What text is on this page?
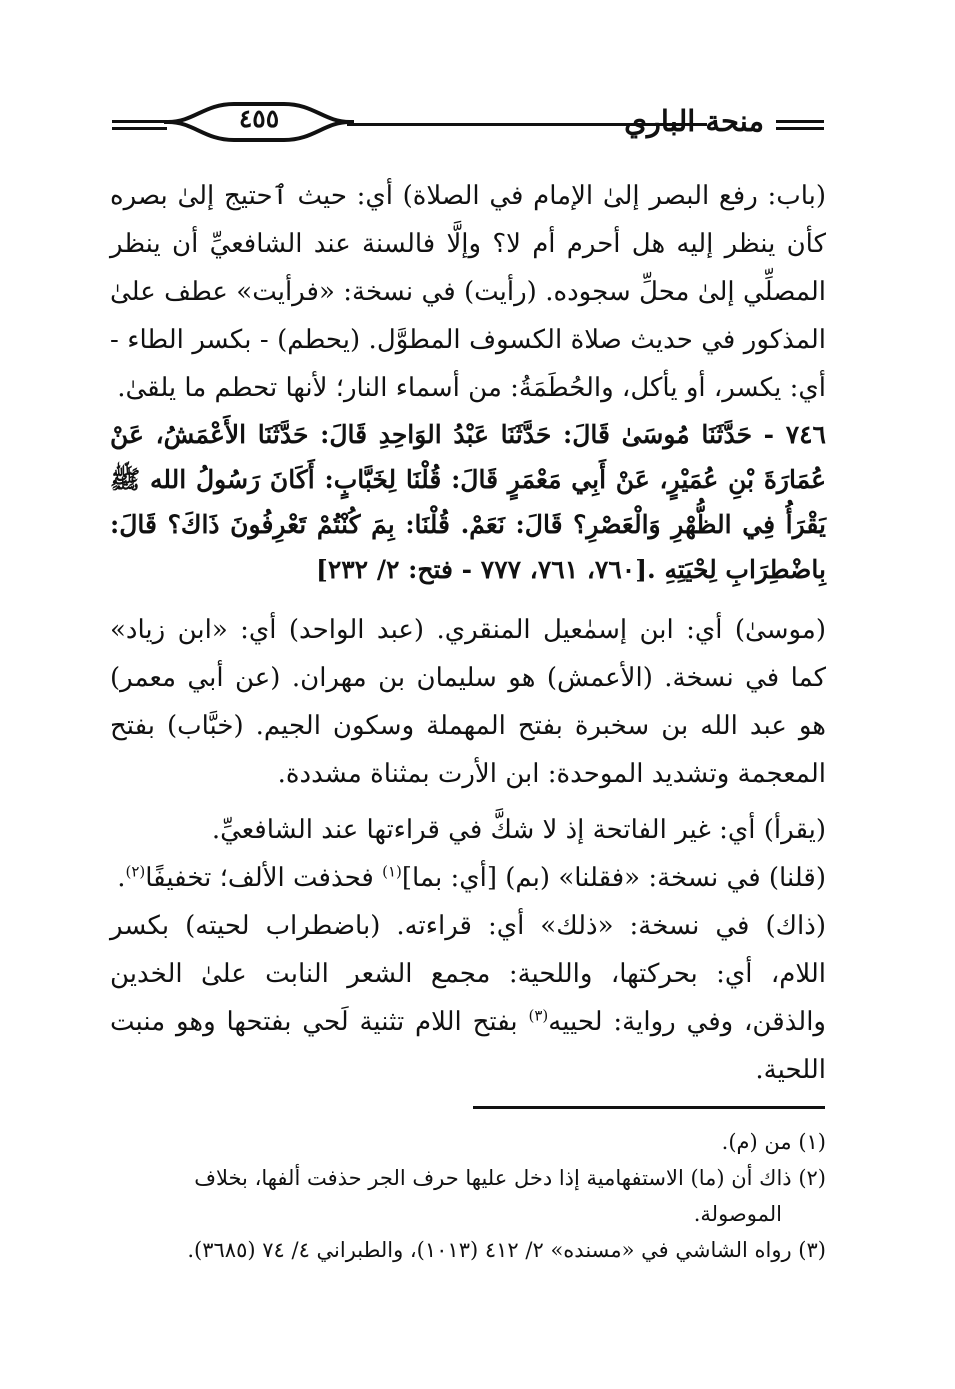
٤٥٥	منحة الباري

(باب: رفع البصر إلىٰ الإمام في الصلاة) أي: حيث ٱحتيج إلىٰ بصره كأن ينظر إليه هل أحرم أم لا؟ وإلَّا فالسنة عند الشافعيِّ أن ينظر المصلِّي إلىٰ محلِّ سجوده. (رأيت) في نسخة: «فرأيت» عطف علىٰ المذكور في حديث صلاة الكسوف المطوَّل. (يحطم) - بكسر الطاء - أي: يكسر، أو يأكل، والحُطَمَةُ: من أسماء النار؛ لأنها تحطم ما يلقىٰ.

٧٤٦ - حَدَّثَنَا مُوسَىٰ قَالَ: حَدَّثَنَا عَبْدُ الوَاحِدِ قَالَ: حَدَّثَنَا الأَعْمَشُ، عَنْ عُمَارَةَ بْنِ عُمَيْرٍ، عَنْ أَبِي مَعْمَرٍ قَالَ: قُلْنَا لِخَبَّابٍ: أَكَانَ رَسُولُ الله ﷺ يَقْرَأُ فِي الظُّهْرِ وَالْعَصْرِ؟ قَالَ: نَعَمْ. قُلْنَا: بِمَ كُنْتُمْ تَعْرِفُونَ ذَاكَ؟ قَالَ: بِاضْطِرَابِ لِحْيَتِهِ .[٧٦٠، ٧٦١، ٧٧٧ - فتح: ٢/ ٢٣٢]

(موسىٰ) أي: ابن إسمٰعيل المنقري. (عبد الواحد) أي: «ابن زياد» كما في نسخة. (الأعمش) هو سليمان بن مهران. (عن أبي معمر) هو عبد الله بن سخبرة بفتح المهملة وسكون الجيم. (خبَّاب) بفتح المعجمة وتشديد الموحدة: ابن الأرت بمثناة مشددة.

(يقرأ) أي: غير الفاتحة إذ لا شكَّ في قراءتها عند الشافعيِّ.

(قلنا) في نسخة: «فقلنا» (بم) [أي: بما]$^{(١)}$ فحذفت الألف؛ تخفيفًا$^{(٢)}$.

(ذاك) في نسخة: «ذلك» أي: قراءته. (باضطراب لحيته) بكسر اللام، أي: بحركتها، واللحية: مجمع الشعر النابت علىٰ الخدين والذقن، وفي رواية: لحييه$^{(٣)}$ بفتح اللام تثنية لَحي بفتحها وهو منبت اللحية.

(١) من (م).

(٢) ذاك أن (ما) الاستفهامية إذا دخل عليها حرف الجر حذفت ألفها، بخلاف

الموصولة.

(٣) رواه الشاشي في «مسنده» ٢/ ٤١٢ (١٠١٣)، والطبراني ٤/ ٧٤ (٣٦٨٥).
